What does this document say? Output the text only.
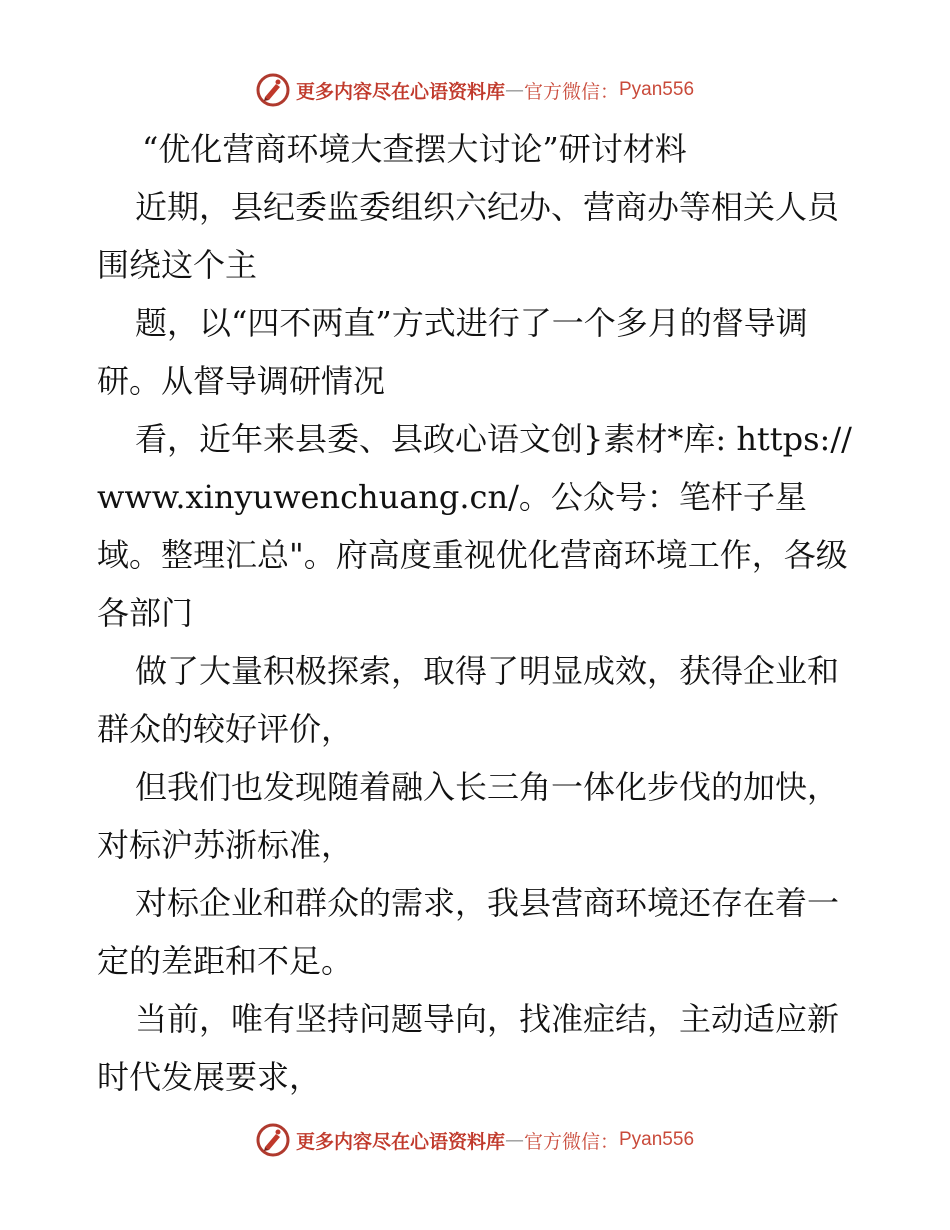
更多内容尽在心语资料库 — 官方微信： Pyan556
“优化营商环境大查摆大讨论”研讨材料

近期，县纪委监委组织六纪办、营商办等相关人员围绕这个主

题，以“四不两直”方式进行了一个多月的督导调研。从督导调研情况

看，近年来县委、县政心语文创}素材*库: https://www.xinyuwenchuang.cn/。公众号：笔杆子星域。整理汇总"。府高度重视优化营商环境工作，各级各部门

做了大量积极探索，取得了明显成效，获得企业和群众的较好评价，

但我们也发现随着融入长三角一体化步伐的加快，对标沪苏浙标准，

对标企业和群众的需求，我县营商环境还存在着一定的差距和不足。

当前，唯有坚持问题导向，找准症结，主动适应新时代发展要求，

更多内容尽在心语资料库 — 官方微信： Pyan556
